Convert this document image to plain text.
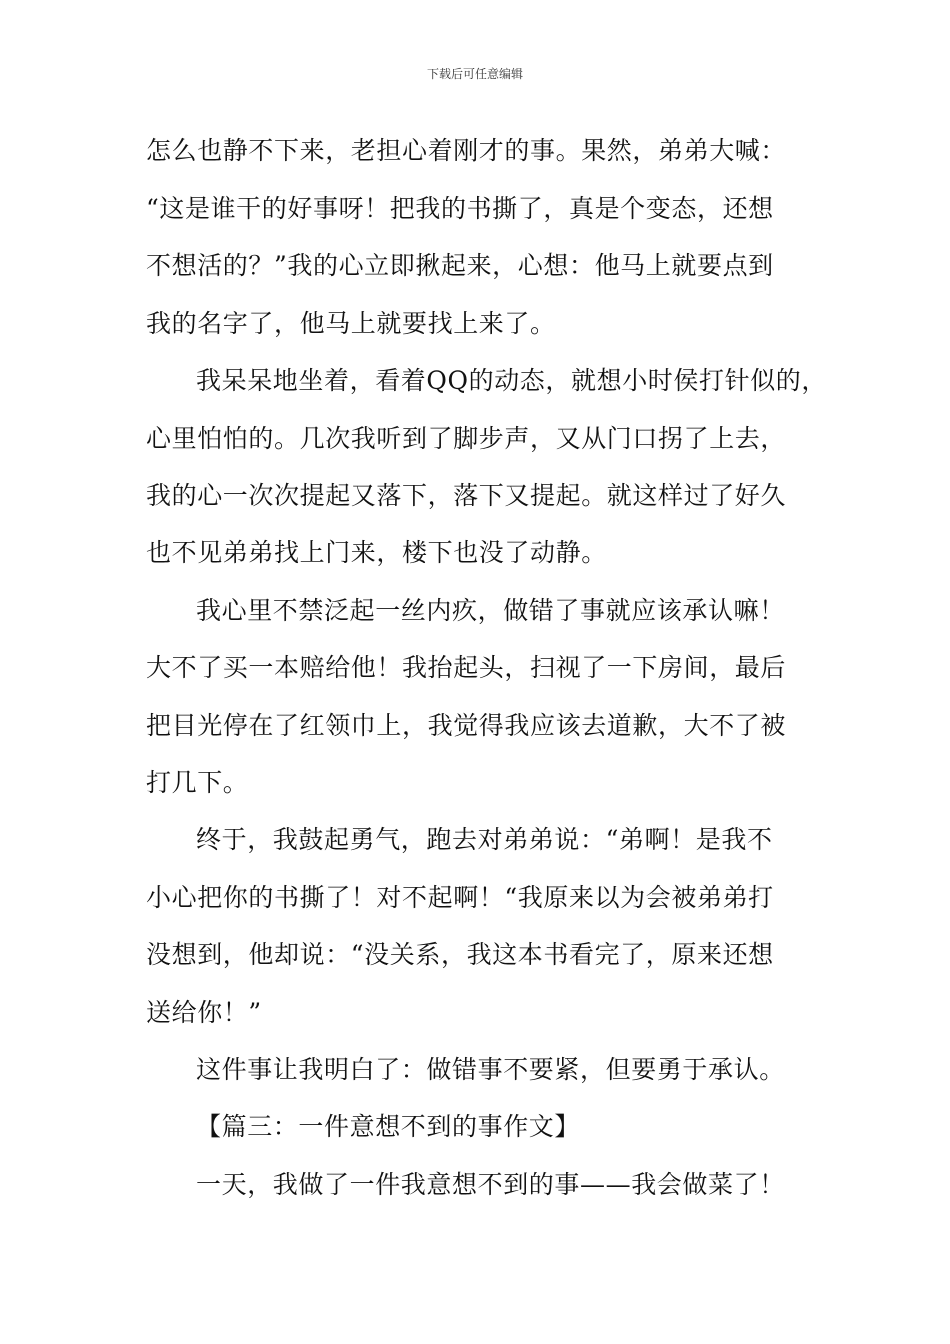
下载后可任意编辑
怎么也静不下来，老担心着刚才的事。果然，弟弟大喊：
“这是谁干的好事呀！把我的书撕了，真是个变态，还想
不想活的？”我的心立即揪起来，心想：他马上就要点到
我的名字了，他马上就要找上来了。
我呆呆地坐着，看着QQ的动态，就想小时侯打针似的，
心里怕怕的。几次我听到了脚步声，又从门口拐了上去，
我的心一次次提起又落下，落下又提起。就这样过了好久
也不见弟弟找上门来，楼下也没了动静。
我心里不禁泛起一丝内疚，做错了事就应该承认嘛！
大不了买一本赔给他！我抬起头，扫视了一下房间，最后
把目光停在了红领巾上，我觉得我应该去道歉，大不了被
打几下。
终于，我鼓起勇气，跑去对弟弟说：“弟啊！是我不
小心把你的书撕了！对不起啊！“我原来以为会被弟弟打
没想到，他却说：“没关系，我这本书看完了，原来还想
送给你！”
这件事让我明白了：做错事不要紧，但要勇于承认。
【篇三：一件意想不到的事作文】
一天，我做了一件我意想不到的事——我会做菜了！
